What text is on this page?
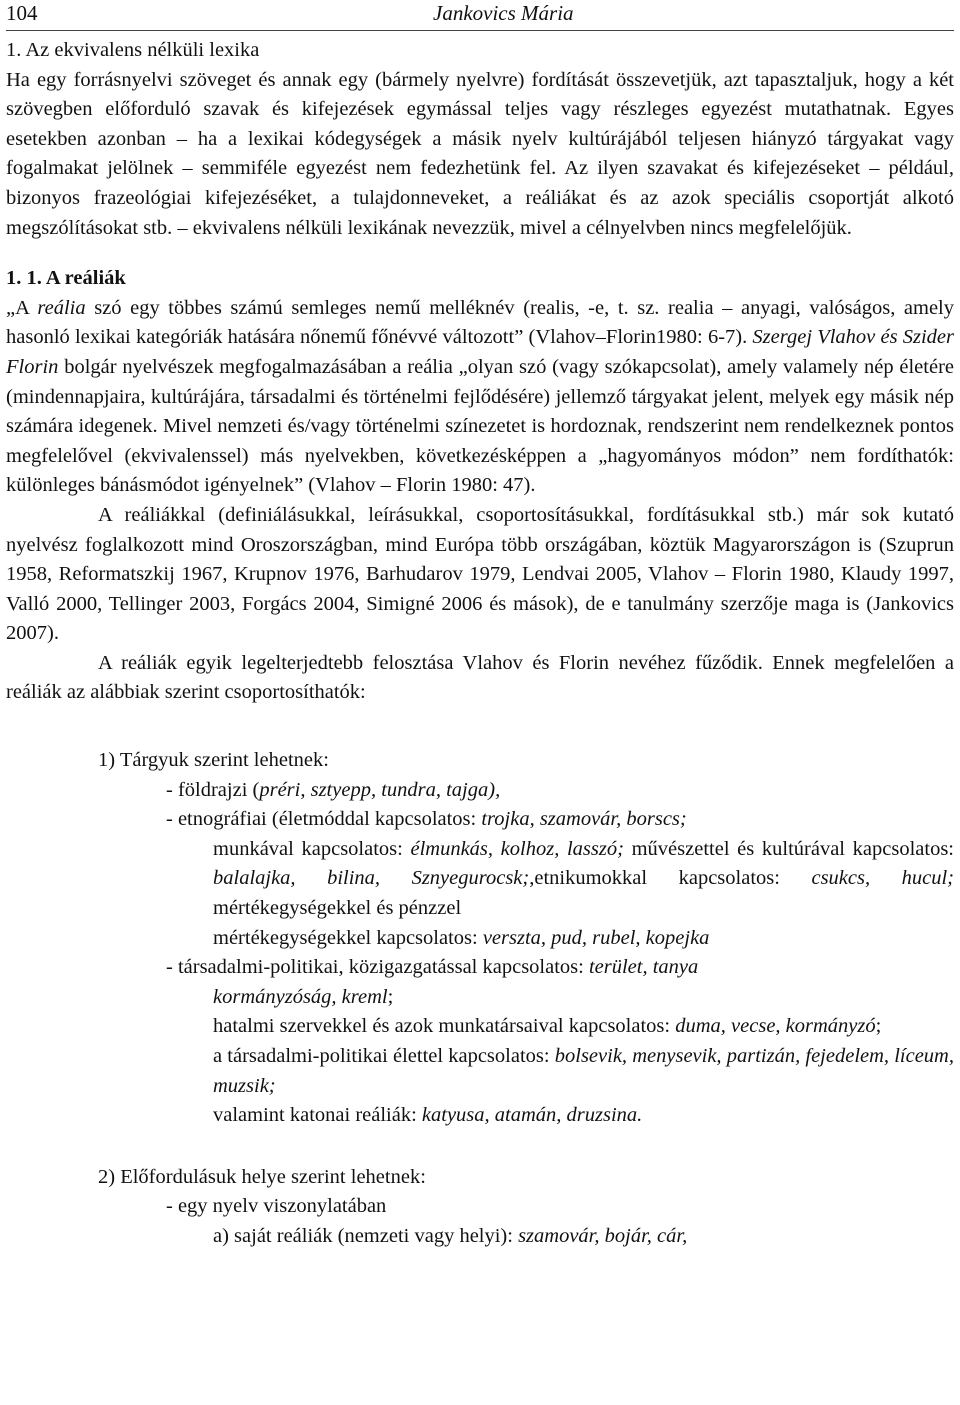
104	Jankovics Mária
1. Az ekvivalens nélküli lexika

Ha egy forrásnyelvi szöveget és annak egy (bármely nyelvre) fordítását összevetjük, azt tapasztaljuk, hogy a két szövegben előforduló szavak és kifejezések egymással teljes vagy részleges egyezést mutathatnak. Egyes esetekben azonban – ha a lexikai kódegységek a másik nyelv kultúrájából teljesen hiányzó tárgyakat vagy fogalmakat jelölnek – semmiféle egyezést nem fedezhetünk fel. Az ilyen szavakat és kifejezéseket – például, bizonyos frazeológiai kifejezéséket, a tulajdonneveket, a reáliákat és az azok speciális csoportját alkotó megszólításokat stb. – ekvivalens nélküli lexikának nevezzük, mivel a célnyelvben nincs megfelelőjük.

1. 1. A reáliák

„A reália szó egy többes számú semleges nemű melléknév (realis, -e, t. sz. realia – anyagi, valóságos, amely hasonló lexikai kategóriák hatására nőnemű főnévvé változott” (Vlahov–Florin1980: 6-7). Szergej Vlahov és Szider Florin bolgár nyelvészek megfogalmazásában a reália „olyan szó (vagy szókapcsolat), amely valamely nép életére (mindennapjaira, kultúrájára, társadalmi és történelmi fejlődésére) jellemző tárgyakat jelent, melyek egy másik nép számára idegenek. Mivel nemzeti és/vagy történelmi színezetet is hordoznak, rendszerint nem rendelkeznek pontos megfelelővel (ekvivalenssel) más nyelvekben, következésképpen a „hagyományos módon” nem fordíthatók: különleges bánásmódot igényelnek” (Vlahov – Florin 1980: 47).

A reáliákkal (definiálásukkal, leírásukkal, csoportosításukkal, fordításukkal stb.) már sok kutató nyelvész foglalkozott mind Oroszországban, mind Európa több országában, köztük Magyarországon is (Szuprun 1958, Reformatszkij 1967, Krupnov 1976, Barhudarov 1979, Lendvai 2005, Vlahov – Florin 1980, Klaudy 1997, Valló 2000, Tellinger 2003, Forgács 2004, Simigné 2006 és mások), de e tanulmány szerzője maga is (Jankovics 2007).

A reáliák egyik legelterjedtebb felosztása Vlahov és Florin nevéhez fűződik. Ennek megfelelően a reáliák az alábbiak szerint csoportosíthatók:

1) Tárgyuk szerint lehetnek:

- földrajzi (préri, sztyepp, tundra, tajga),

- etnográfiai (életmóddal kapcsolatos: trojka, szamovár, borscs;

munkával kapcsolatos: élmunkás, kolhoz, lasszó; művészettel és kultúrával kapcsolatos: balalajka, bilina, Sznyegurocsk;,etnikumokkal kapcsolatos: csukcs, hucul; mértékegységekkel és pénzzel

mértékegységekkel kapcsolatos: verszta, pud, rubel, kopejka

- társadalmi-politikai, közigazgatással kapcsolatos: terület, tanya

kormányzóság, kreml;

hatalmi szervekkel és azok munkatársaival kapcsolatos: duma, vecse, kormányzó;

a társadalmi-politikai élettel kapcsolatos: bolsevik, menysevik, partizán, fejedelem, líceum, muzsik;

valamint katonai reáliák: katyusa, atamán, druzsina.

2) Előfordulásuk helye szerint lehetnek:

- egy nyelv viszonylatában

a) saját reáliák (nemzeti vagy helyi): szamovár, bojár, cár,
